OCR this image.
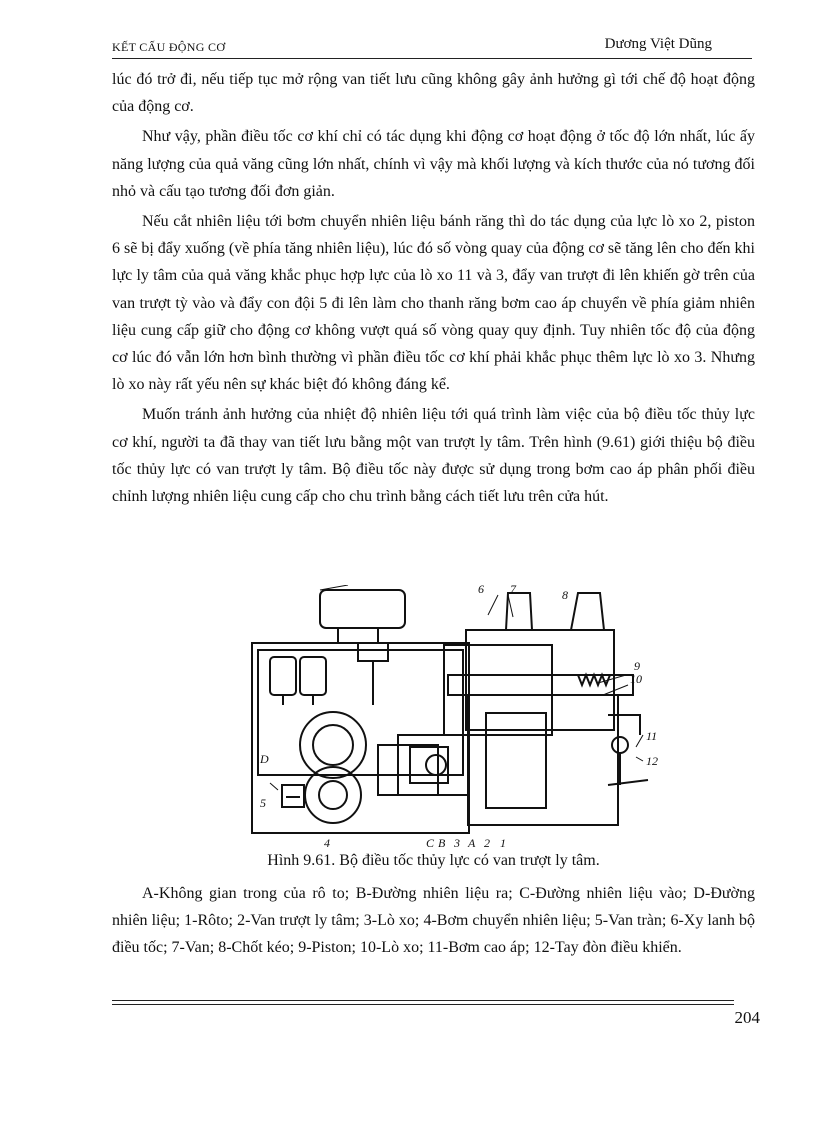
KẾT CẤU ĐỘNG CƠ	Dương Việt Dũng

lúc đó trở đi, nếu tiếp tục mở rộng van tiết lưu cũng không gây ảnh hưởng gì tới chế độ hoạt động của động cơ.

Như vậy, phần điều tốc cơ khí chỉ có tác dụng khi động cơ hoạt động ở tốc độ lớn nhất, lúc ấy năng lượng của quả văng cũng lớn nhất, chính vì vậy mà khối lượng và kích thước của nó tương đối nhỏ và cấu tạo tương đối đơn giản.

Nếu cắt nhiên liệu tới bơm chuyển nhiên liệu bánh răng thì do tác dụng của lực lò xo 2, piston 6 sẽ bị đẩy xuống (về phía tăng nhiên liệu), lúc đó số vòng quay của động cơ sẽ tăng lên cho đến khi lực ly tâm của quả văng khắc phục hợp lực của lò xo 11 và 3, đẩy van trượt đi lên khiến gờ trên của van trượt tỳ vào và đẩy con đội 5 đi lên làm cho thanh răng bơm cao áp chuyển về phía giảm nhiên liệu cung cấp giữ cho động cơ không vượt quá số vòng quay quy định. Tuy nhiên tốc độ của động cơ lúc đó vẫn lớn hơn bình thường vì phần điều tốc cơ khí phải khắc phục thêm lực lò xo 3. Nhưng lò xo này rất yếu nên sự khác biệt đó không đáng kể.

Muốn tránh ảnh hưởng của nhiệt độ nhiên liệu tới quá trình làm việc của bộ điều tốc thủy lực cơ khí, người ta đã thay van tiết lưu bằng một van trượt ly tâm. Trên hình (9.61) giới thiệu bộ điều tốc thủy lực có van trượt ly tâm. Bộ điều tốc này được sử dụng trong bơm cao áp phân phối điều chỉnh lượng nhiên liệu cung cấp cho chu trình bằng cách tiết lưu trên cửa hút.

6 7	8
9
10
11
12
D
5
4	C B 3 A 2 1
Hình 9.61. Bộ điều tốc thủy lực có van trượt ly tâm.

A-Không gian trong của rô to; B-Đường nhiên liệu ra; C-Đường nhiên liệu vào; D-Đường nhiên liệu; 1-Rôto; 2-Van trượt ly tâm; 3-Lò xo; 4-Bơm chuyển nhiên liệu; 5-Van tràn; 6-Xy lanh bộ điều tốc; 7-Van; 8-Chốt kéo; 9-Piston; 10-Lò xo; 11-Bơm cao áp; 12-Tay đòn điều khiển.

204
